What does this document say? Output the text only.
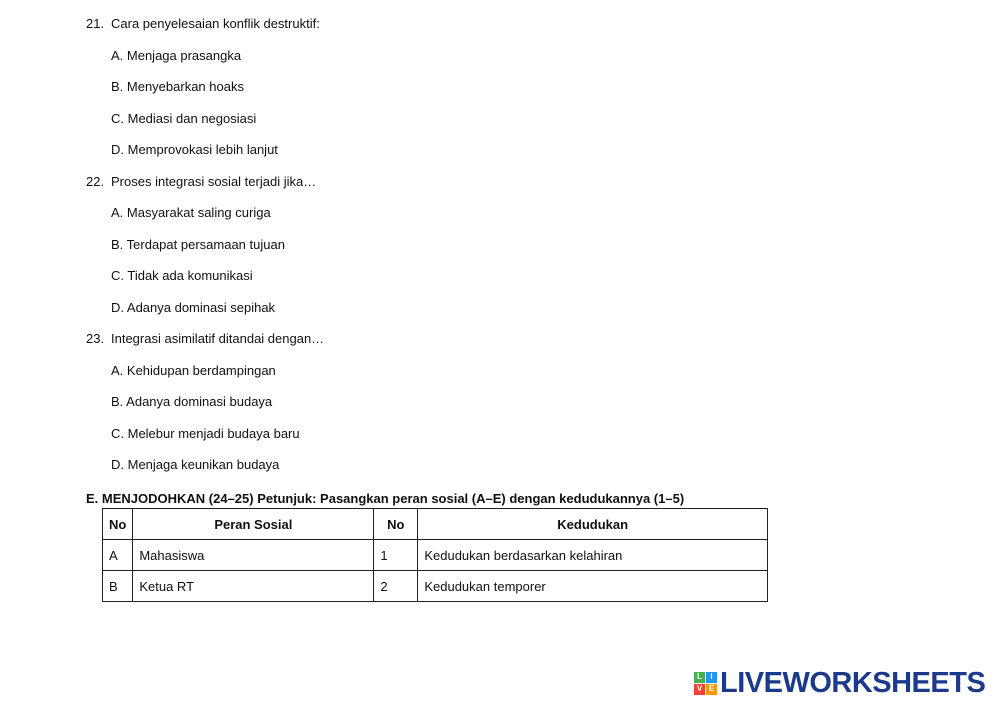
21. Cara penyelesaian konflik destruktif:
A. Menjaga prasangka
B. Menyebarkan hoaks
C. Mediasi dan negosiasi
D. Memprovokasi lebih lanjut
22. Proses integrasi sosial terjadi jika…
A. Masyarakat saling curiga
B. Terdapat persamaan tujuan
C. Tidak ada komunikasi
D. Adanya dominasi sepihak
23. Integrasi asimilatif ditandai dengan…
A. Kehidupan berdampingan
B. Adanya dominasi budaya
C. Melebur menjadi budaya baru
D. Menjaga keunikan budaya
E. MENJODOHKAN (24–25) Petunjuk: Pasangkan peran sosial (A–E) dengan kedudukannya (1–5)
No	Peran Sosial	No	Kedudukan
A	Mahasiswa	1	Kedudukan berdasarkan kelahiran
B	Ketua RT	2	Kedudukan temporer
L	I
V E LIVEWORKSHEETS
